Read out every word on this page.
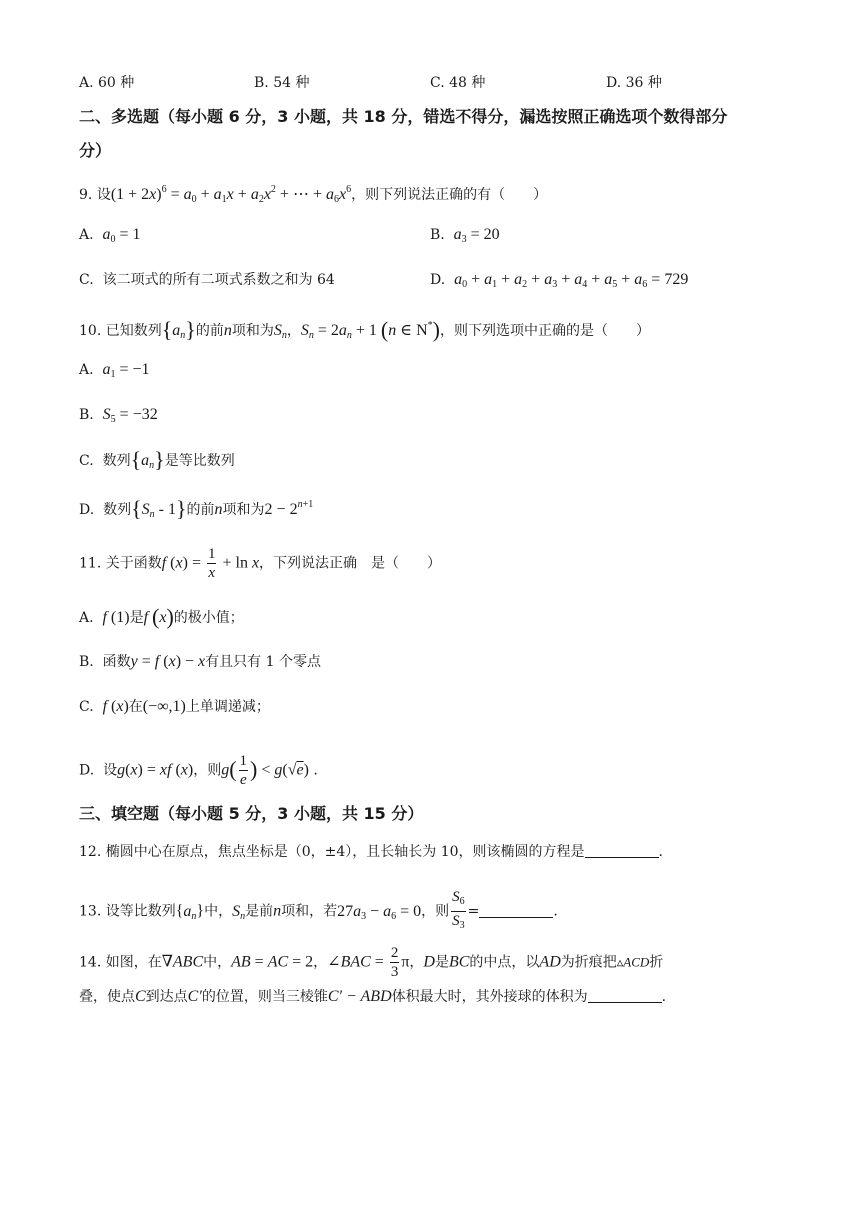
A. 60 种	B. 54 种	C. 48 种	D. 36 种
二、多选题（每小题 6 分，3 小题，共 18 分，错选不得分，漏选按照正确选项个数得部分
分）
9. 设$(1 + 2x)^6 = a_0 + a_1x + a_2x^2$ + ⋯ + $a_6x^6$，则下列说法正确的有（　　）
A. $a_0 = 1$	B. $a_3 = 20$
C. 该二项式的所有二项式系数之和为 64	D. $a_0 + a_1 + a_2 + a_3 + a_4 + a_5 + a_6 = 729$
10. 已知数列$\{a_n\}$的前n项和为$S_n$，$S_n = 2a_n + 1$ (n ∈ N*)，则下列选项中正确的是（　　）
A. $a_1 = -1$
B. $S_5 = -32$
C. 数列$\{a_n\}$是等比数列
D. 数列$\{S_n - 1\}$的前n项和为$2 - 2^{n+1}$
11. 关于函数f $(x) = \frac{1}{x} + \ln x$，下列说法正确　是（　　）
A. f (1)是f (x)的极小值；
B. 函数y = f (x) − x有且只有 1 个零点
C. f (x)在(−∞,1)上单调递减；
D. 设g(x) = xf (x)，则$g( \frac{1}{e}$ ) < g(√e) .
三、填空题（每小题 5 分，3 小题，共 15 分）
12. 椭圆中心在原点，焦点坐标是（0，±4），且长轴长为 10，则该椭圆的方程是	.
13. 设等比数列$\{a_n\}$中，$S_n$是前n项和，若$27a_3 - a_6 = 0$，则 $\frac{S_6}{S_3}$ =	.
14. 如图，在∇ABC中，AB = AC = 2，∠BAC = $\frac{2}{3}$ π，D是BC的中点，以AD为折痕把▵ACD折
叠，使点C到达点C′的位置，则当三棱锥C′ − ABD体积最大时，其外接球的体积为	.
